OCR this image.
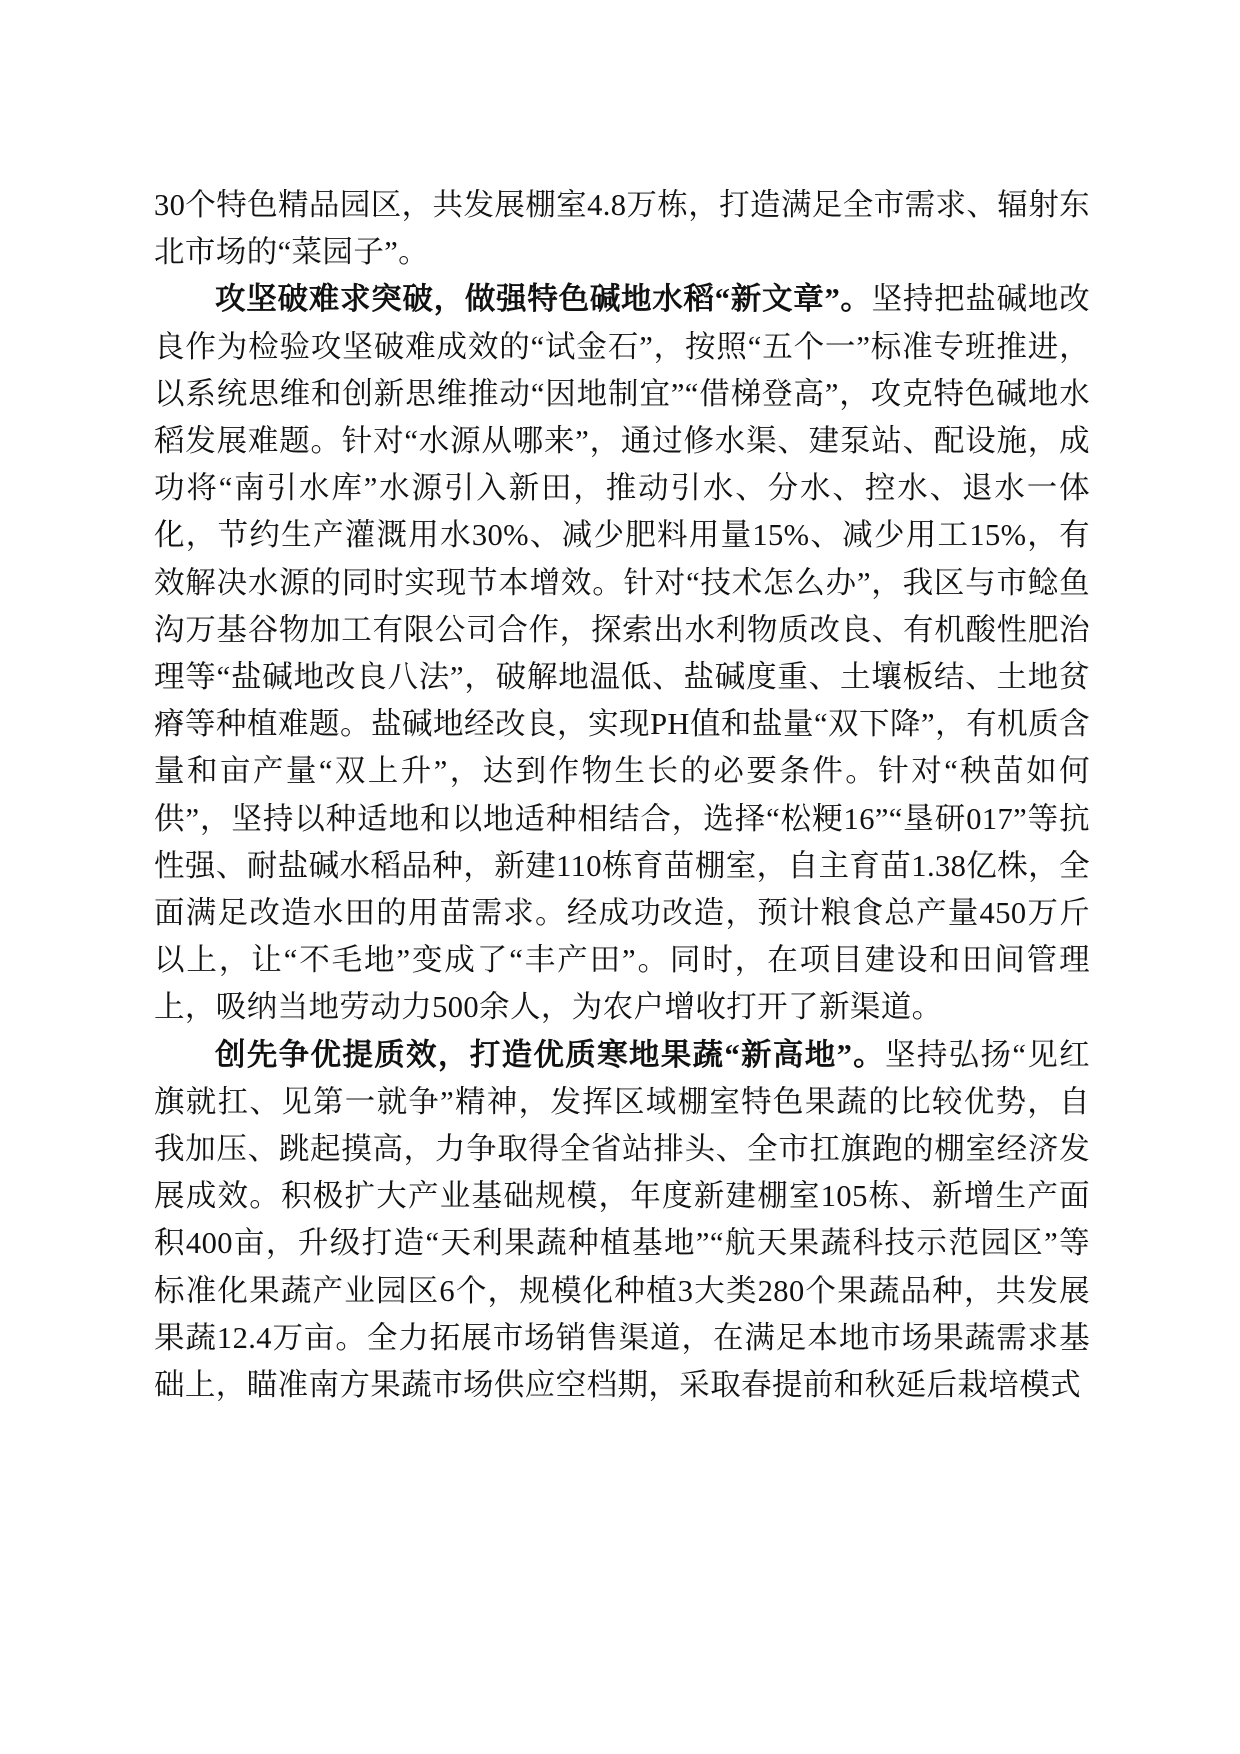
30个特色精品园区，共发展棚室4.8万栋，打造满足全市需求、辐射东北市场的“菜园子”。

攻坚破难求突破，做强特色碱地水稻“新文章”。坚持把盐碱地改良作为检验攻坚破难成效的“试金石”，按照“五个一”标准专班推进，以系统思维和创新思维推动“因地制宜”“借梯登高”，攻克特色碱地水稻发展难题。针对“水源从哪来”，通过修水渠、建泵站、配设施，成功将“南引水库”水源引入新田，推动引水、分水、控水、退水一体化，节约生产灌溉用水30%、减少肥料用量15%、减少用工15%，有效解决水源的同时实现节本增效。针对“技术怎么办”，我区与市鲶鱼沟万基谷物加工有限公司合作，探索出水利物质改良、有机酸性肥治理等“盐碱地改良八法”，破解地温低、盐碱度重、土壤板结、土地贫瘠等种植难题。盐碱地经改良，实现PH值和盐量“双下降”，有机质含量和亩产量“双上升”，达到作物生长的必要条件。针对“秧苗如何供”，坚持以种适地和以地适种相结合，选择“松粳16”“垦研017”等抗性强、耐盐碱水稻品种，新建110栋育苗棚室，自主育苗1.38亿株，全面满足改造水田的用苗需求。经成功改造，预计粮食总产量450万斤以上，让“不毛地”变成了“丰产田”。同时，在项目建设和田间管理上，吸纳当地劳动力500余人，为农户增收打开了新渠道。

创先争优提质效，打造优质寒地果蔬“新高地”。坚持弘扬“见红旗就扛、见第一就争”精神，发挥区域棚室特色果蔬的比较优势，自我加压、跳起摸高，力争取得全省站排头、全市扛旗跑的棚室经济发展成效。积极扩大产业基础规模，年度新建棚室105栋、新增生产面积400亩，升级打造“天利果蔬种植基地”“航天果蔬科技示范园区”等标准化果蔬产业园区6个，规模化种植3大类280个果蔬品种，共发展果蔬12.4万亩。全力拓展市场销售渠道，在满足本地市场果蔬需求基础上，瞄准南方果蔬市场供应空档期，采取春提前和秋延后栽培模式
